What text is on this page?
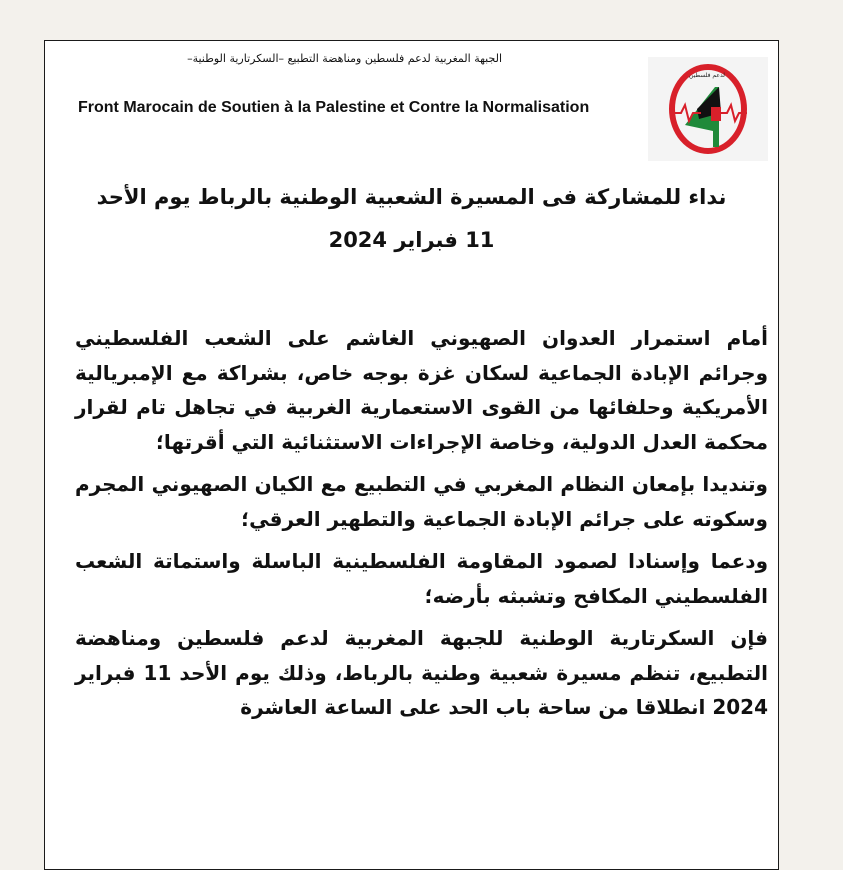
الجبهة المغربية لدعم فلسطين ومناهضة التطبيع –السكرتارية الوطنية–
Front Marocain de Soutien à la Palestine et Contre la Normalisation
ﻟﺪﻋﻢ ﻓﻠﺴﻄﻴﻦ
نداء للمشاركة فى المسيرة الشعبية الوطنية بالرباط يوم الأحد
11 فبراير 2024

أمام استمرار العدوان الصهيوني الغاشم على الشعب الفلسطيني وجرائم الإبادة الجماعية لسكان غزة بوجه خاص، بشراكة مع الإمبريالية الأمريكية وحلفائها من القوى الاستعمارية الغربية في تجاهل تام لقرار محكمة العدل الدولية، وخاصة الإجراءات الاستثنائية التي أقرتها؛

وتنديدا بإمعان النظام المغربي في التطبيع مع الكيان الصهيوني المجرم وسكوته على جرائم الإبادة الجماعية والتطهير العرقي؛

ودعما وإسنادا لصمود المقاومة الفلسطينية الباسلة واستماتة الشعب الفلسطيني المكافح وتشبثه بأرضه؛

فإن السكرتارية الوطنية للجبهة المغربية لدعم فلسطين ومناهضة التطبيع، تنظم مسيرة شعبية وطنية بالرباط، وذلك يوم الأحد 11 فبراير 2024 انطلاقا من ساحة باب الحد على الساعة العاشرة
